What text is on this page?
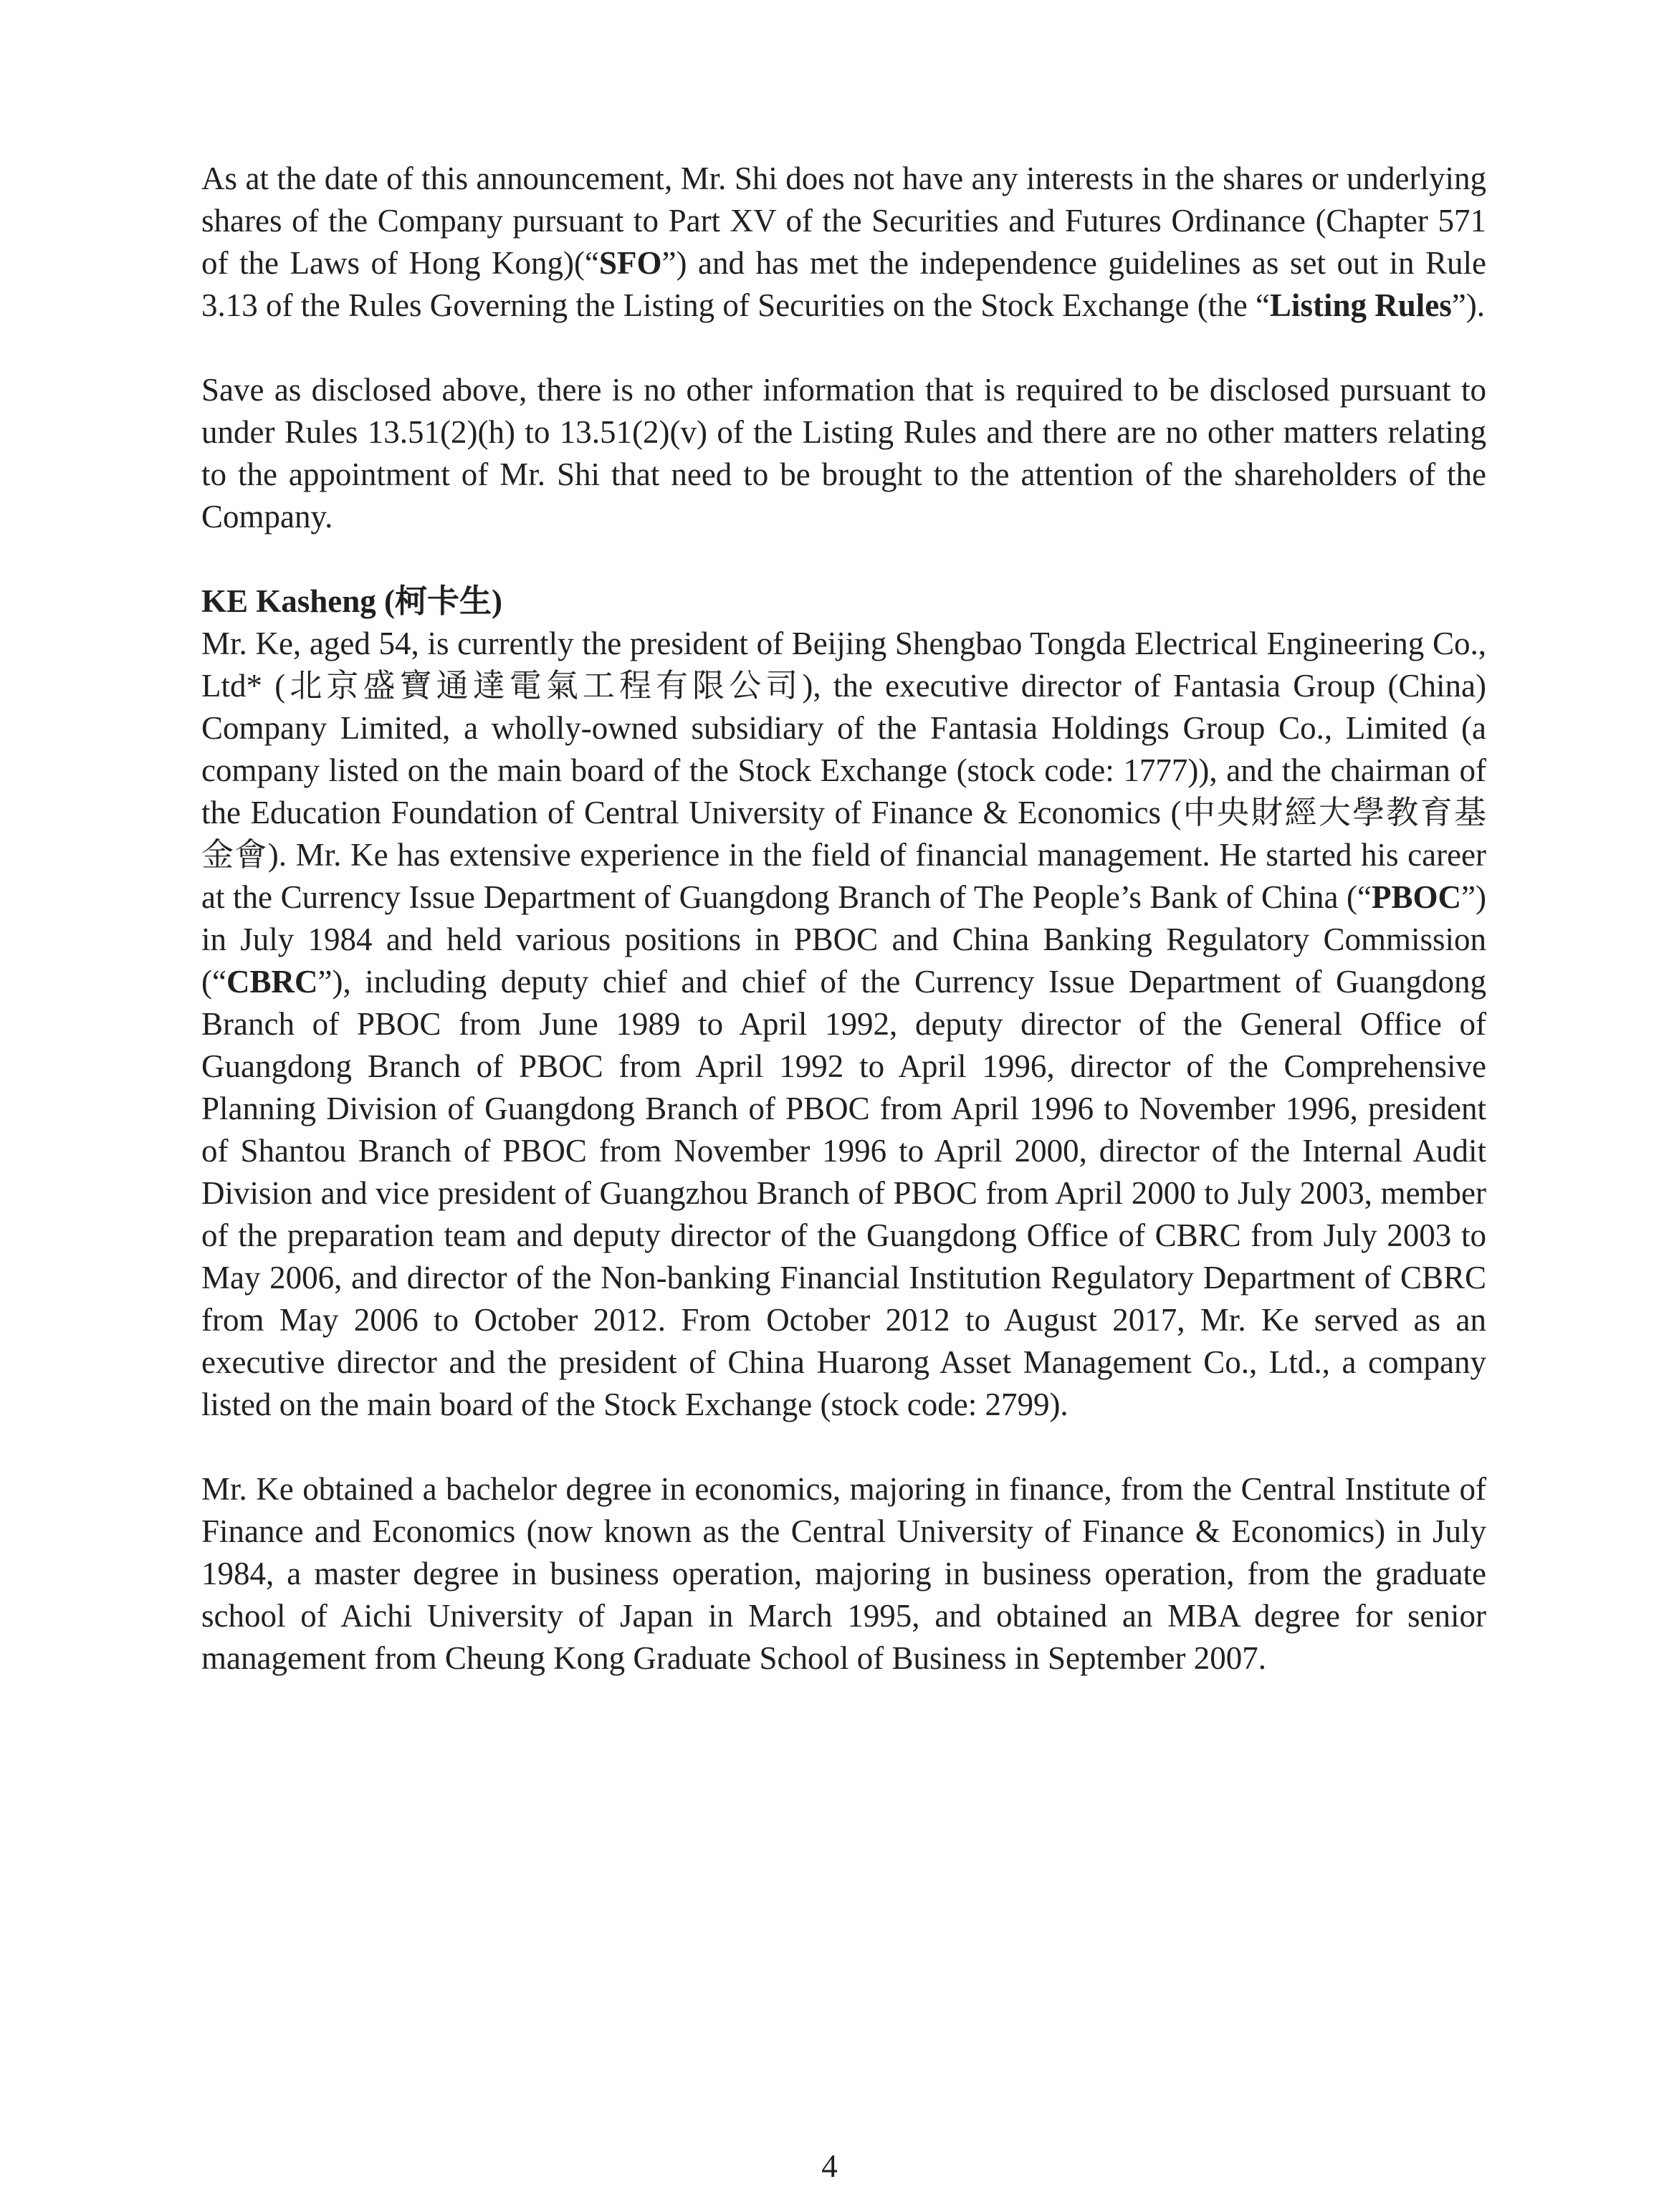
As at the date of this announcement, Mr. Shi does not have any interests in the shares or underlying shares of the Company pursuant to Part XV of the Securities and Futures Ordinance (Chapter 571 of the Laws of Hong Kong)(“SFO”) and has met the independence guidelines as set out in Rule 3.13 of the Rules Governing the Listing of Securities on the Stock Exchange (the “Listing Rules”).

Save as disclosed above, there is no other information that is required to be disclosed pursuant to under Rules 13.51(2)(h) to 13.51(2)(v) of the Listing Rules and there are no other matters relating to the appointment of Mr. Shi that need to be brought to the attention of the shareholders of the Company.

KE Kasheng (柯卡生)

Mr. Ke, aged 54, is currently the president of Beijing Shengbao Tongda Electrical Engineering Co., Ltd* (北京盛寶通達電氣工程有限公司), the executive director of Fantasia Group (China) Company Limited, a wholly-owned subsidiary of the Fantasia Holdings Group Co., Limited (a company listed on the main board of the Stock Exchange (stock code: 1777)), and the chairman of the Education Foundation of Central University of Finance & Economics (中央財經大學教育基金會). Mr. Ke has extensive experience in the field of financial management. He started his career at the Currency Issue Department of Guangdong Branch of The People’s Bank of China (“PBOC”) in July 1984 and held various positions in PBOC and China Banking Regulatory Commission (“CBRC”), including deputy chief and chief of the Currency Issue Department of Guangdong Branch of PBOC from June 1989 to April 1992, deputy director of the General Office of Guangdong Branch of PBOC from April 1992 to April 1996, director of the Comprehensive Planning Division of Guangdong Branch of PBOC from April 1996 to November 1996, president of Shantou Branch of PBOC from November 1996 to April 2000, director of the Internal Audit Division and vice president of Guangzhou Branch of PBOC from April 2000 to July 2003, member of the preparation team and deputy director of the Guangdong Office of CBRC from July 2003 to May 2006, and director of the Non-banking Financial Institution Regulatory Department of CBRC from May 2006 to October 2012. From October 2012 to August 2017, Mr. Ke served as an executive director and the president of China Huarong Asset Management Co., Ltd., a company listed on the main board of the Stock Exchange (stock code: 2799).

Mr. Ke obtained a bachelor degree in economics, majoring in finance, from the Central Institute of Finance and Economics (now known as the Central University of Finance & Economics) in July 1984, a master degree in business operation, majoring in business operation, from the graduate school of Aichi University of Japan in March 1995, and obtained an MBA degree for senior management from Cheung Kong Graduate School of Business in September 2007.

4
